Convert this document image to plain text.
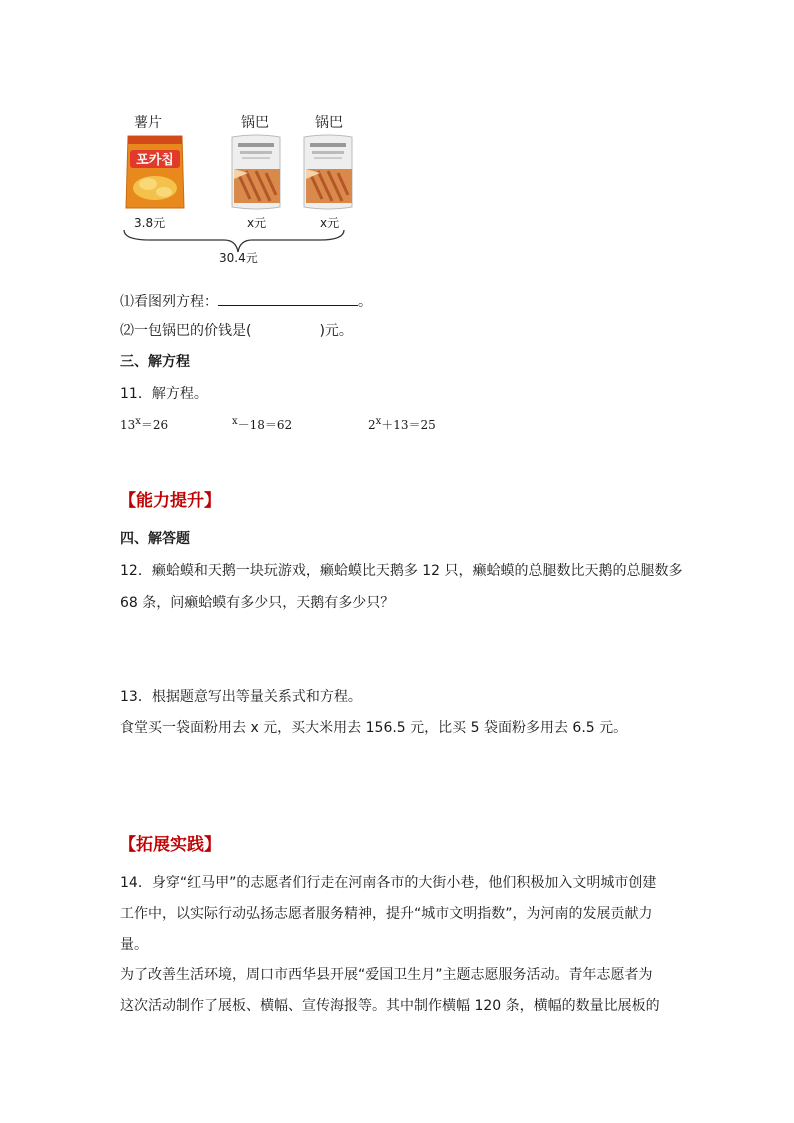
薯片	锅巴	锅巴
포카칩
3.8元	x元	x元
30.4元
⑴看图列方程：	。
⑵一包锅巴的价钱是(	)元。
三、解方程
11．解方程。
$13^x=26$	$^x$－18＝62	$2^x+13=25$
【能力提升】
四、解答题
12．癞蛤蟆和天鹅一块玩游戏，癞蛤蟆比天鹅多 12 只，癞蛤蟆的总腿数比天鹅的总腿数多
68 条，问癞蛤蟆有多少只，天鹅有多少只？
13．根据题意写出等量关系式和方程。
食堂买一袋面粉用去 x 元，买大米用去 156.5 元，比买 5 袋面粉多用去 6.5 元。
【拓展实践】
14．身穿“红马甲”的志愿者们行走在河南各市的大街小巷，他们积极加入文明城市创建
工作中，以实际行动弘扬志愿者服务精神，提升“城市文明指数”，为河南的发展贡献力
量。
为了改善生活环境，周口市西华县开展“爱国卫生月”主题志愿服务活动。青年志愿者为
这次活动制作了展板、横幅、宣传海报等。其中制作横幅 120 条，横幅的数量比展板的
